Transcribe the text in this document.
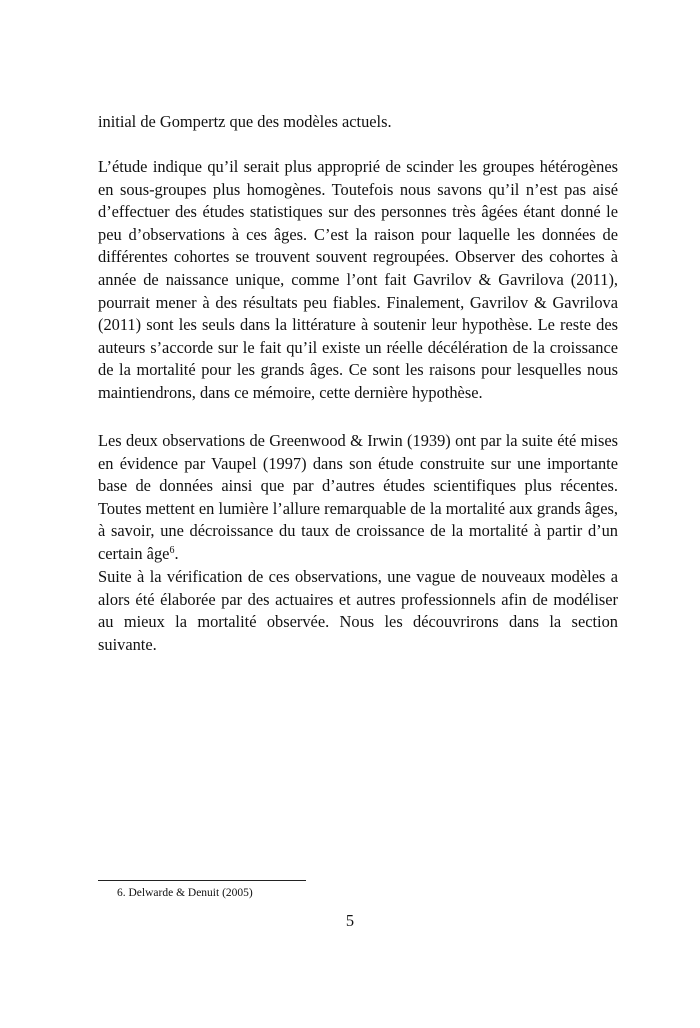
initial de Gompertz que des modèles actuels.

L’étude indique qu’il serait plus approprié de scinder les groupes hétérogènes en sous-groupes plus homogènes. Toutefois nous savons qu’il n’est pas aisé d’effectuer des études statistiques sur des personnes très âgées étant donné le peu d’observations à ces âges. C’est la raison pour laquelle les données de différentes cohortes se trouvent souvent regroupées. Observer des cohortes à année de naissance unique, comme l’ont fait Gavrilov & Gavrilova (2011), pourrait mener à des résultats peu fiables. Finalement, Gavrilov & Gavrilova (2011) sont les seuls dans la littérature à soutenir leur hypothèse. Le reste des auteurs s’accorde sur le fait qu’il existe un réelle décélération de la croissance de la mortalité pour les grands âges. Ce sont les raisons pour lesquelles nous maintiendrons, dans ce mémoire, cette dernière hypothèse.

Les deux observations de Greenwood & Irwin (1939) ont par la suite été mises en évidence par Vaupel (1997) dans son étude construite sur une importante base de données ainsi que par d’autres études scientifiques plus récentes. Toutes mettent en lumière l’allure remarquable de la mortalité aux grands âges, à savoir, une décroissance du taux de croissance de la mortalité à partir d’un certain âge$^6$.

Suite à la vérification de ces observations, une vague de nouveaux modèles a alors été élaborée par des actuaires et autres professionnels afin de modéliser au mieux la mortalité observée. Nous les découvrirons dans la section suivante.

6. Delwarde & Denuit (2005)

5
